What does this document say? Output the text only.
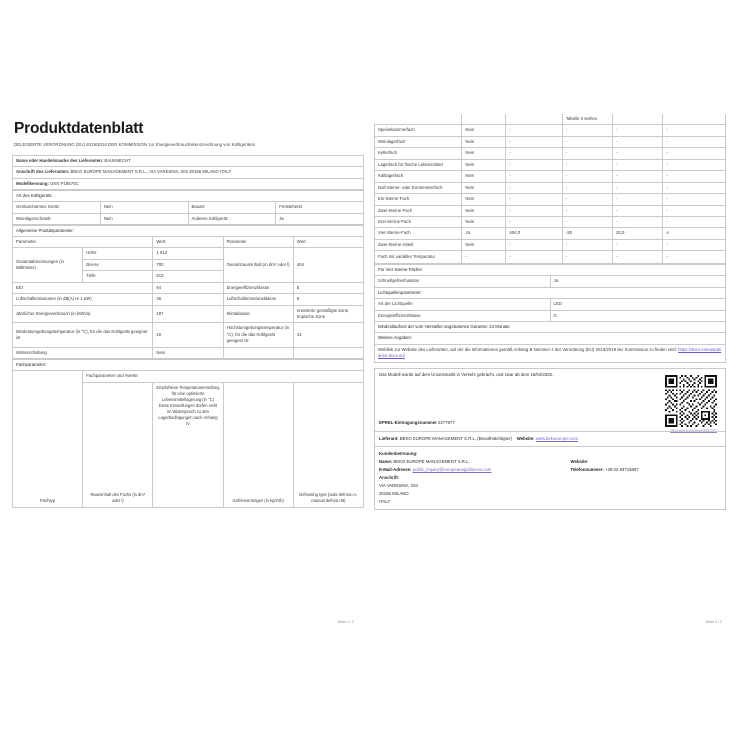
Produktdatenblatt
DELEGIERTE VERORDNUNG (EU) 2019/2016 DER KOMMISSION zur Energieverbrauchskennzeichnung von Kühlgeräten
Name oder Handelsmarke des Lieferanten: BAUKNECHT
Anschrift des Lieferanten: BEKO EUROPE MANAGEMENT S.R.L., VIA VARESINA, 204 20156 MILANO ITALY
Modellkennung: GKN P19570C
Art des Kühlgeräts:			
Geräuscharmes Gerät:	Nein	Bauart:	Freistehend
Weinlagerschrank:	Nein	Anderes Kühlgerät:	Ja
Allgemeine Produktparameter:				
Parameter		Wert	Parameter	Wert
Gesamtabmessungen (in Millimeter)	Höhe	1 912	Gesamtrauminhalt (in dm³ oder l)	404
	Brei-te	700		
	Tiefe	813		
EEI		64	Energieeffizienzklasse	E
Luftschallemissionen (in dB(A) re 1 pW)		36	Luftschallemissionsklasse	E
Jährlicher Energieverbrauch (in kWh/a)		187	Klimaklasse:	erweiterte gemäßigte Zone, tropische Zone
Mindestumgebungstemperatur (in °C), für die das Kühlgerät geeignet ist		10	Höchstumgebungstemperatur (in °C), für die das Kühlgerät geeignet ist	43
Winterschaltung		Nein		
Fachparameter:				
Fachtyp	Fachparameter und #werte			
	Rauminhalt des Fachs (in dm³ oder l)	Empfohlene Temperatureinstellung für eine optimierte Lebensmittellagerung (in °C) Diese Einstellungen dürfen nicht im Widerspruch zu den Lagerbedingungen nach Anhang IV	Gefriervermögen (in kg/24h)	Defrosting type (auto-defrost=A, manual defrost=M)
Seite 1 / 2
			Tabelle 3 stehen		
Speisekammerfach	Nein	-	-	-	-
Weinlagerfach	Nein	-	-	-	-
Kellerfach	Nein	-	-	-	-
Lagerfach für frische Lebensmittel	Nein	-	-	-	-
Kaltlagerfach	Nein	-	-	-	-
Null-Sterne- oder Eis-Bereiterfach	Nein	-	-	-	-
Ein-Sterne-Fach	Nein	-	-	-	-
Zwei-Sterne-Fach	Nein	-	-	-	-
Drei-Sterne-Fach	Nein	-	-	-	-
Vier-Sterne-Fach	Ja	404,0	-20	20,0	A
Zwei-Sterne-Abteil	Nein	-	-	-	-
Fach mit variabler Temperatur	-	-	-	-	-
Für Vier-Sterne-Fächer	
Schnellgefrierfunktion	Ja
Lichtquellenparameter:	
Art der Lichtquelle	LED
Energieeffizienzklasse	G
Mindestlaufzeit der vom Hersteller angebotenen Garantie: 24 Monate	
Weitere Angaben:	
Weblink zur Website des Lieferanten, auf der die Informationen gemäß Anhang B Nummer 4 der Verordnung (EU) 2019/2019 der Kommission zu finden sind: https://docs.emeaappliance-docs.eu/	
Das Modell wurde auf dem Unionsmarkt in Verkehr gebracht, und zwar ab dem 16/04/2025.
https://eprel.ec.europa.eu/qr/2277977
EPREL-Eintragungsnummer 2277977
Lieferant: BEKO EUROPE MANAGEMENT S.R.L. (Bevollmächtigter) Website: www.bekoeurope.com
Kundenbetreuung:
Name: BEKO EUROPE MANAGEMENT S.R.L.	Website:
E-Mail-Adresse: public_inquiry@europeanappliances.com	Telefonnummer: +39 02 83715807
Anschrift:
VIA VARESINA, 204
20156 MILANO
ITALY
Seite 2 / 2
